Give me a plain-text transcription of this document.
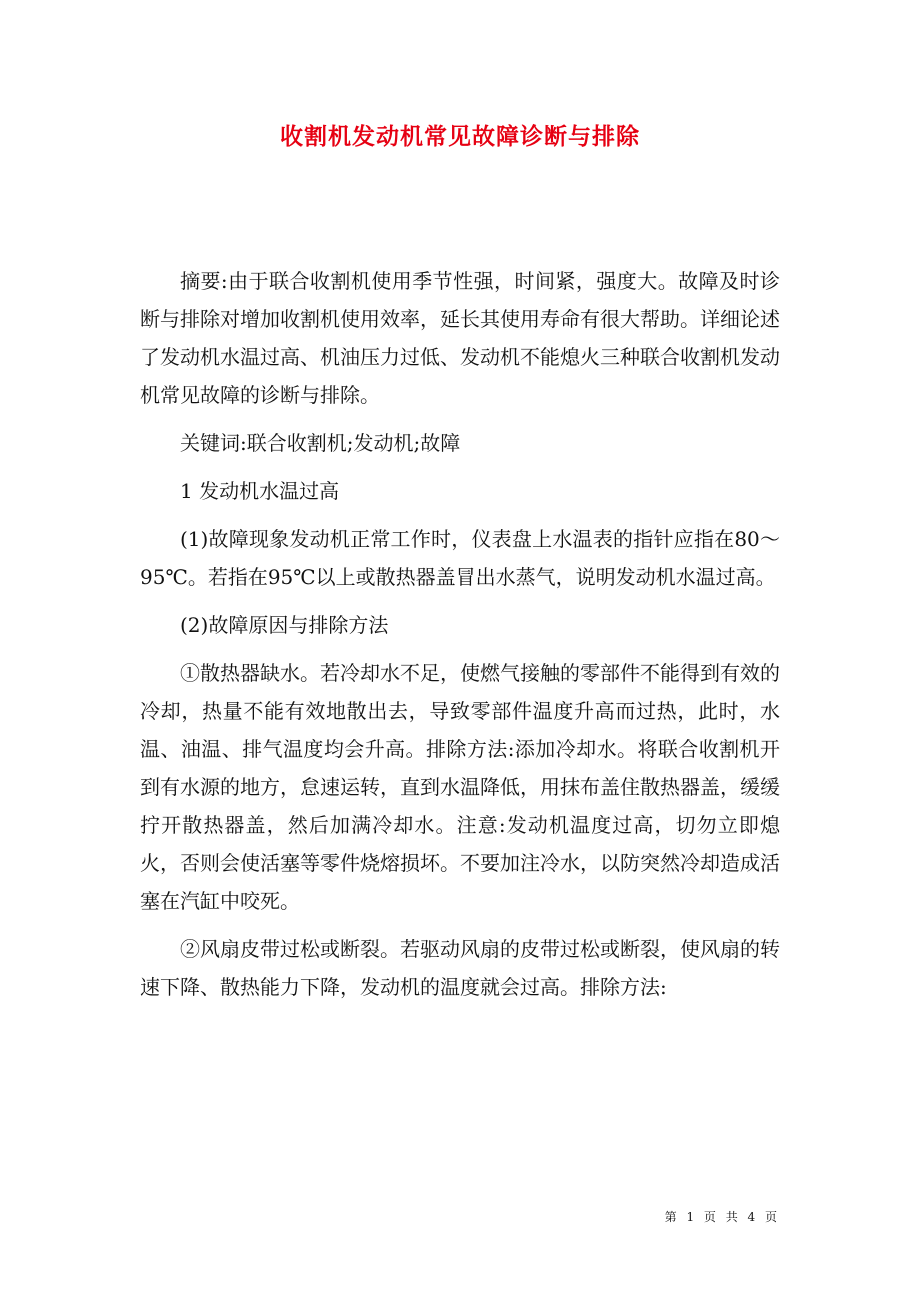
收割机发动机常见故障诊断与排除

摘要:由于联合收割机使用季节性强，时间紧，强度大。故障及时诊断与排除对增加收割机使用效率，延长其使用寿命有很大帮助。详细论述了发动机水温过高、机油压力过低、发动机不能熄火三种联合收割机发动机常见故障的诊断与排除。

关键词:联合收割机;发动机;故障

1 发动机水温过高

(1)故障现象发动机正常工作时，仪表盘上水温表的指针应指在80～95℃。若指在95℃以上或散热器盖冒出水蒸气，说明发动机水温过高。

(2)故障原因与排除方法

①散热器缺水。若冷却水不足，使燃气接触的零部件不能得到有效的冷却，热量不能有效地散出去，导致零部件温度升高而过热，此时，水温、油温、排气温度均会升高。排除方法:添加冷却水。将联合收割机开到有水源的地方，怠速运转，直到水温降低，用抹布盖住散热器盖，缓缓拧开散热器盖，然后加满冷却水。注意:发动机温度过高，切勿立即熄火，否则会使活塞等零件烧熔损坏。不要加注冷水，以防突然冷却造成活塞在汽缸中咬死。

②风扇皮带过松或断裂。若驱动风扇的皮带过松或断裂，使风扇的转速下降、散热能力下降，发动机的温度就会过高。排除方法:

第 1 页 共 4 页
